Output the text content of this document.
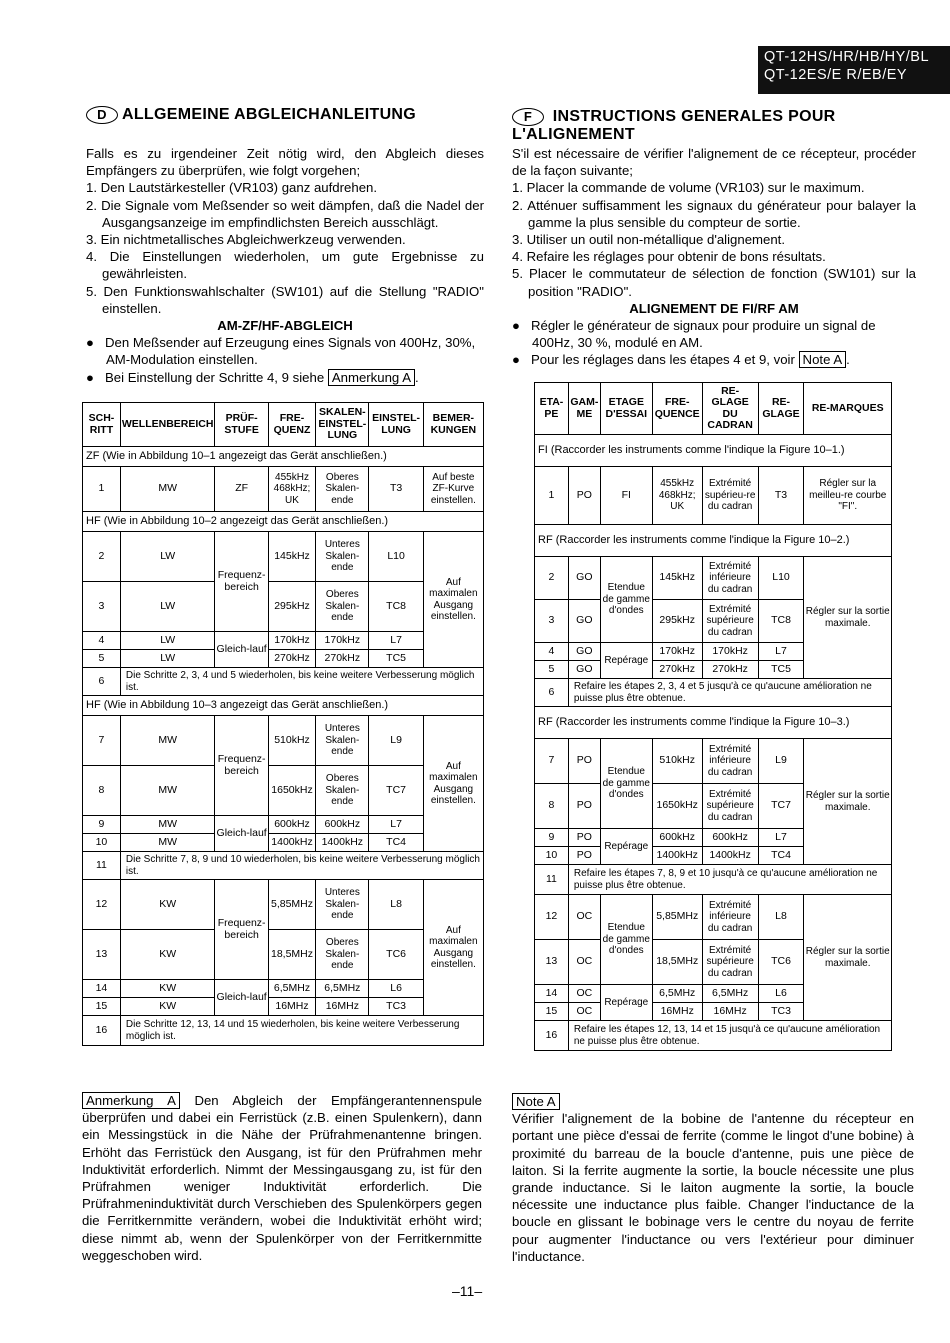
QT-12HS/HR/HB/HY/BL
QT-12ES/E R/EB/EY
D ALLGEMEINE ABGLEICHANLEITUNG

Falls es zu irgendeiner Zeit nötig wird, den Abgleich dieses Empfängers zu überprüfen, wie folgt vorgehen;

1. Den Lautstärkesteller (VR103) ganz aufdrehen.

2. Die Signale vom Meßsender so weit dämpfen, daß die Nadel der Ausgangsanzeige im empfindlichsten Bereich ausschlägt.

3. Ein nichtmetallisches Abgleichwerkzeug verwenden.

4. Die Einstellungen wiederholen, um gute Ergebnisse zu gewährleisten.

5. Den Funktionswahlschalter (SW101) auf die Stellung "RADIO" einstellen.

AM-ZF/HF-ABGLEICH

●   Den Meßsender auf Erzeugung eines Signals von 400Hz, 30%, AM-Modulation einstellen.

●   Bei Einstellung der Schritte 4, 9 siehe Anmerkung A .

SCH-RITT	WELLENBEREICH	PRÜF-STUFE	FRE-QUENZ	SKALEN-EINSTEL-LUNG	EINSTEL-LUNG	BEMER-KUNGEN
ZF (Wie in Abbildung 10–1 angezeigt das Gerät anschließen.)						
1	MW	ZF	455kHz
468kHz;
UK	Oberes Skalen-ende	T3	Auf beste ZF-Kurve einstellen.
HF (Wie in Abbildung 10–2 angezeigt das Gerät anschließen.)						
2	LW	Frequenz-bereich	145kHz	Unteres Skalen-ende	L10	Auf maximalen Ausgang einstellen.
3	LW		295kHz	Oberes Skalen-ende	TC8	
4	LW	Gleich-lauf	170kHz	170kHz	L7	
5	LW		270kHz	270kHz	TC5	
6	Die Schritte 2, 3, 4 und 5 wiederholen, bis keine weitere Verbesserung möglich ist.					
HF (Wie in Abbildung 10–3 angezeigt das Gerät anschließen.)						
7	MW	Frequenz-bereich	510kHz	Unteres Skalen-ende	L9	Auf maximalen Ausgang einstellen.
8	MW		1650kHz	Oberes Skalen-ende	TC7	
9	MW	Gleich-lauf	600kHz	600kHz	L7	
10	MW		1400kHz	1400kHz	TC4	
11	Die Schritte 7, 8, 9 und 10 wiederholen, bis keine weitere Verbesserung möglich ist.					
12	KW	Frequenz-bereich	5,85MHz	Unteres Skalen-ende	L8	Auf maximalen Ausgang einstellen.
13	KW		18,5MHz	Oberes Skalen-ende	TC6	
14	KW	Gleich-lauf	6,5MHz	6,5MHz	L6	
15	KW		16MHz	16MHz	TC3	
16	Die Schritte 12, 13, 14 und 15 wiederholen, bis keine weitere Verbesserung möglich ist.					
Anmerkung A Den Abgleich der Empfängerantennenspule überprüfen und dabei ein Ferristück (z.B. einen Spulenkern), dann ein Messingstück in die Nähe der Prüfrahmenantenne bringen. Erhöht das Ferristück den Ausgang, ist für den Prüfrahmen mehr Induktivität erforderlich. Nimmt der Messingausgang zu, ist für den Prüfrahmen weniger Induktivität erforderlich. Die Prüfrahmeninduktivität durch Verschieben des Spulenkörpers gegen die Ferritkernmitte verändern, wobei die Induktivität erhöht wird; diese nimmt ab, wenn der Spulenkörper von der Ferritkernmitte weggeschoben wird.
F INSTRUCTIONS GENERALES POUR L'ALIGNEMENT

S'il est nécessaire de vérifier l'alignement de ce récepteur, procéder de la façon suivante;

1. Placer la commande de volume (VR103) sur le maximum.

2. Atténuer suffisamment les signaux du générateur pour balayer la gamme la plus sensible du compteur de sortie.

3. Utiliser un outil non-métallique d'alignement.

4. Refaire les réglages pour obtenir de bons résultats.

5. Placer le commutateur de sélection de fonction (SW101) sur la position "RADIO".

ALIGNEMENT DE FI/RF AM

●   Régler le générateur de signaux pour produire un signal de 400Hz, 30 %, modulé en AM.

●   Pour les réglages dans les étapes 4 et 9, voir Note A .

ETA-PE	GAM-ME	ETAGE D'ESSAI	FRE-QUENCE	RE-GLAGE DU CADRAN	RE-GLAGE	RE-MARQUES
FI (Raccorder les instruments comme l'indique la Figure 10–1.)						
1	PO	FI	455kHz
468kHz;
UK	Extrémité supérieu-re du cadran	T3	Régler sur la meilleu-re courbe "FI".
RF (Raccorder les instruments comme l'indique la Figure 10–2.)						
2	GO	Etendue de gamme d'ondes	145kHz	Extrémité inférieure du cadran	L10	Régler sur la sortie maximale.
3	GO		295kHz	Extrémité supérieure du cadran	TC8	
4	GO	Repérage	170kHz	170kHz	L7	
5	GO		270kHz	270kHz	TC5	
6	Refaire les étapes 2, 3, 4 et 5 jusqu'à ce qu'aucune amélioration ne puisse plus être obtenue.					
RF (Raccorder les instruments comme l'indique la Figure 10–3.)						
7	PO	Etendue de gamme d'ondes	510kHz	Extrémité inférieure du cadran	L9	Régler sur la sortie maximale.
8	PO		1650kHz	Extrémité supérieure du cadran	TC7	
9	PO	Repérage	600kHz	600kHz	L7	
10	PO		1400kHz	1400kHz	TC4	
11	Refaire les étapes 7, 8, 9 et 10 jusqu'à ce qu'aucune amélioration ne puisse plus être obtenue.					
12	OC	Etendue de gamme d'ondes	5,85MHz	Extrémité inférieure du cadran	L8	Régler sur la sortie maximale.
13	OC		18,5MHz	Extrémité supérieure du cadran	TC6	
14	OC	Repérage	6,5MHz	6,5MHz	L6	
15	OC		16MHz	16MHz	TC3	
16	Refaire les étapes 12, 13, 14 et 15 jusqu'à ce qu'aucune amélioration ne puisse plus être obtenue.					
Note A
Vérifier l'alignement de la bobine de l'antenne du récepteur en portant une pièce d'essai de ferrite (comme le lingot d'une bobine) à proximité du barreau de la boucle d'antenne, puis une pièce de laiton. Si la ferrite augmente la sortie, la boucle nécessite une plus grande inductance. Si le laiton augmente la sortie, la boucle nécessite une inductance plus faible. Changer l'inductance de la boucle en glissant le bobinage vers le centre du noyau de ferrite pour augmenter l'inductance ou vers l'extérieur pour diminuer l'inductance.
–11–
